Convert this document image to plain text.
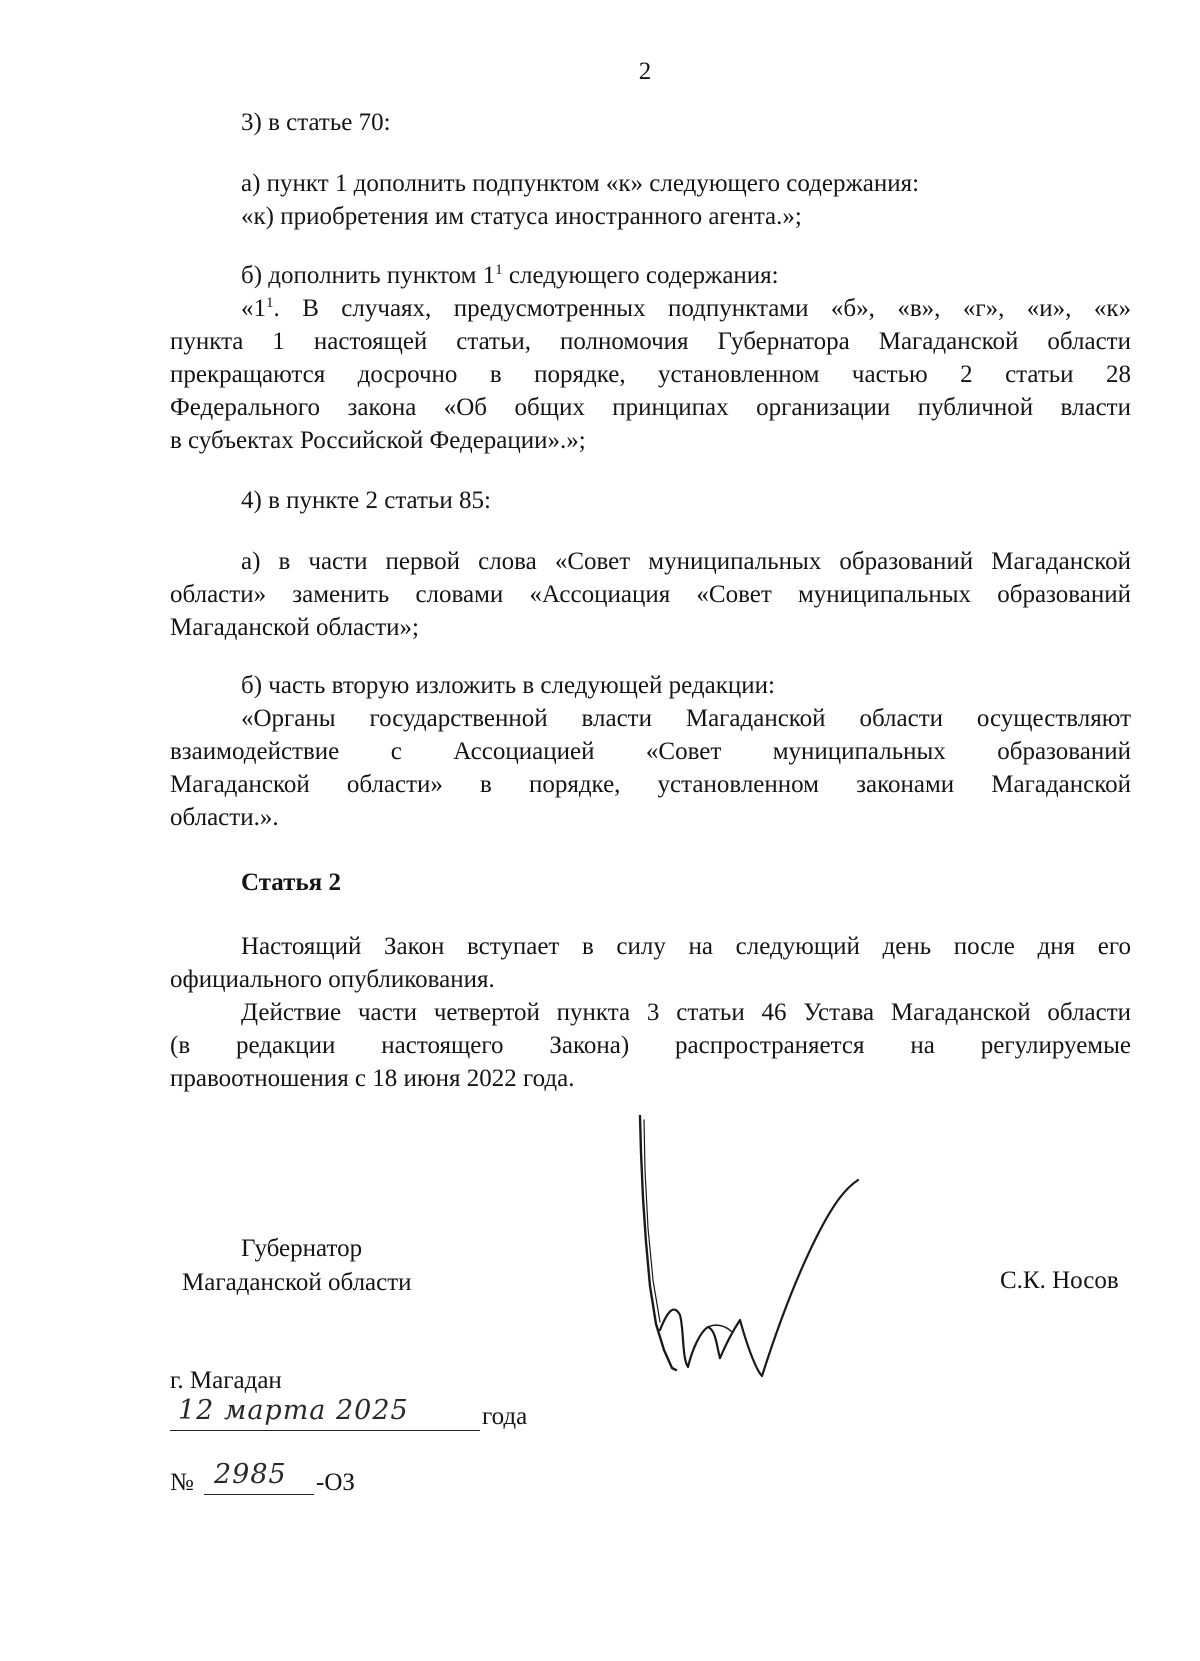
2
3) в статье 70:
а) пункт 1 дополнить подпунктом «к» следующего содержания:
«к) приобретения им статуса иностранного агента.»;
б) дополнить пунктом $1^1$ следующего содержания:
«$1^1$. В случаях, предусмотренных подпунктами «б», «в», «г», «и», «к»
пункта 1 настоящей статьи, полномочия Губернатора Магаданской области
прекращаются досрочно в порядке, установленном частью 2 статьи 28
Федерального закона «Об общих принципах организации публичной власти
в субъектах Российской Федерации».»;
4) в пункте 2 статьи 85:
а) в части первой слова «Совет муниципальных образований Магаданской
области» заменить словами «Ассоциация «Совет муниципальных образований
Магаданской области»;
б) часть вторую изложить в следующей редакции:
«Органы государственной власти Магаданской области осуществляют
взаимодействие с Ассоциацией «Совет муниципальных образований
Магаданской области» в порядке, установленном законами Магаданской
области.».
Статья 2
Настоящий Закон вступает в силу на следующий день после дня его
официального опубликования.
Действие части четвертой пункта 3 статьи 46 Устава Магаданской области
(в редакции настоящего Закона) распространяется на регулируемые
правоотношения с 18 июня 2022 года.
Губернатор
Магаданской области	С.К. Носов
г. Магадан
12 марта 2025	года
№ 2985 -ОЗ
